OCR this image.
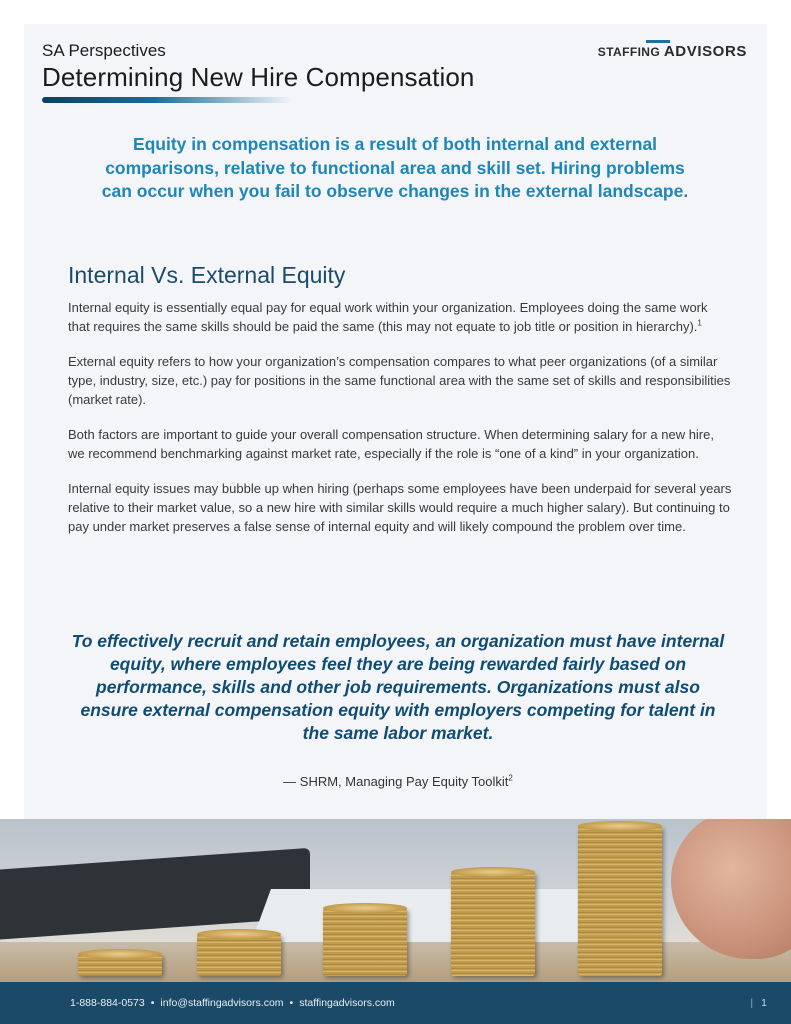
SA Perspectives
Determining New Hire Compensation
STAFFING ADVISORS
Equity in compensation is a result of both internal and external comparisons, relative to functional area and skill set. Hiring problems can occur when you fail to observe changes in the external landscape.
Internal Vs. External Equity

Internal equity is essentially equal pay for equal work within your organization. Employees doing the same work that requires the same skills should be paid the same (this may not equate to job title or position in hierarchy).$^1$

External equity refers to how your organization’s compensation compares to what peer organizations (of a similar type, industry, size, etc.) pay for positions in the same functional area with the same set of skills and responsibilities (market rate).

Both factors are important to guide your overall compensation structure. When determining salary for a new hire, we recommend benchmarking against market rate, especially if the role is “one of a kind” in your organization.

Internal equity issues may bubble up when hiring (perhaps some employees have been underpaid for several years relative to their market value, so a new hire with similar skills would require a much higher salary). But continuing to pay under market preserves a false sense of internal equity and will likely compound the problem over time.

To effectively recruit and retain employees, an organization must have internal equity, where employees feel they are being rewarded fairly based on performance, skills and other job requirements. Organizations must also ensure external compensation equity with employers competing for talent in the same labor market.
— SHRM, Managing Pay Equity Toolkit$^2$
1-888-884-0573 • info@staffingadvisors.com • staffingadvisors.com	| 1
